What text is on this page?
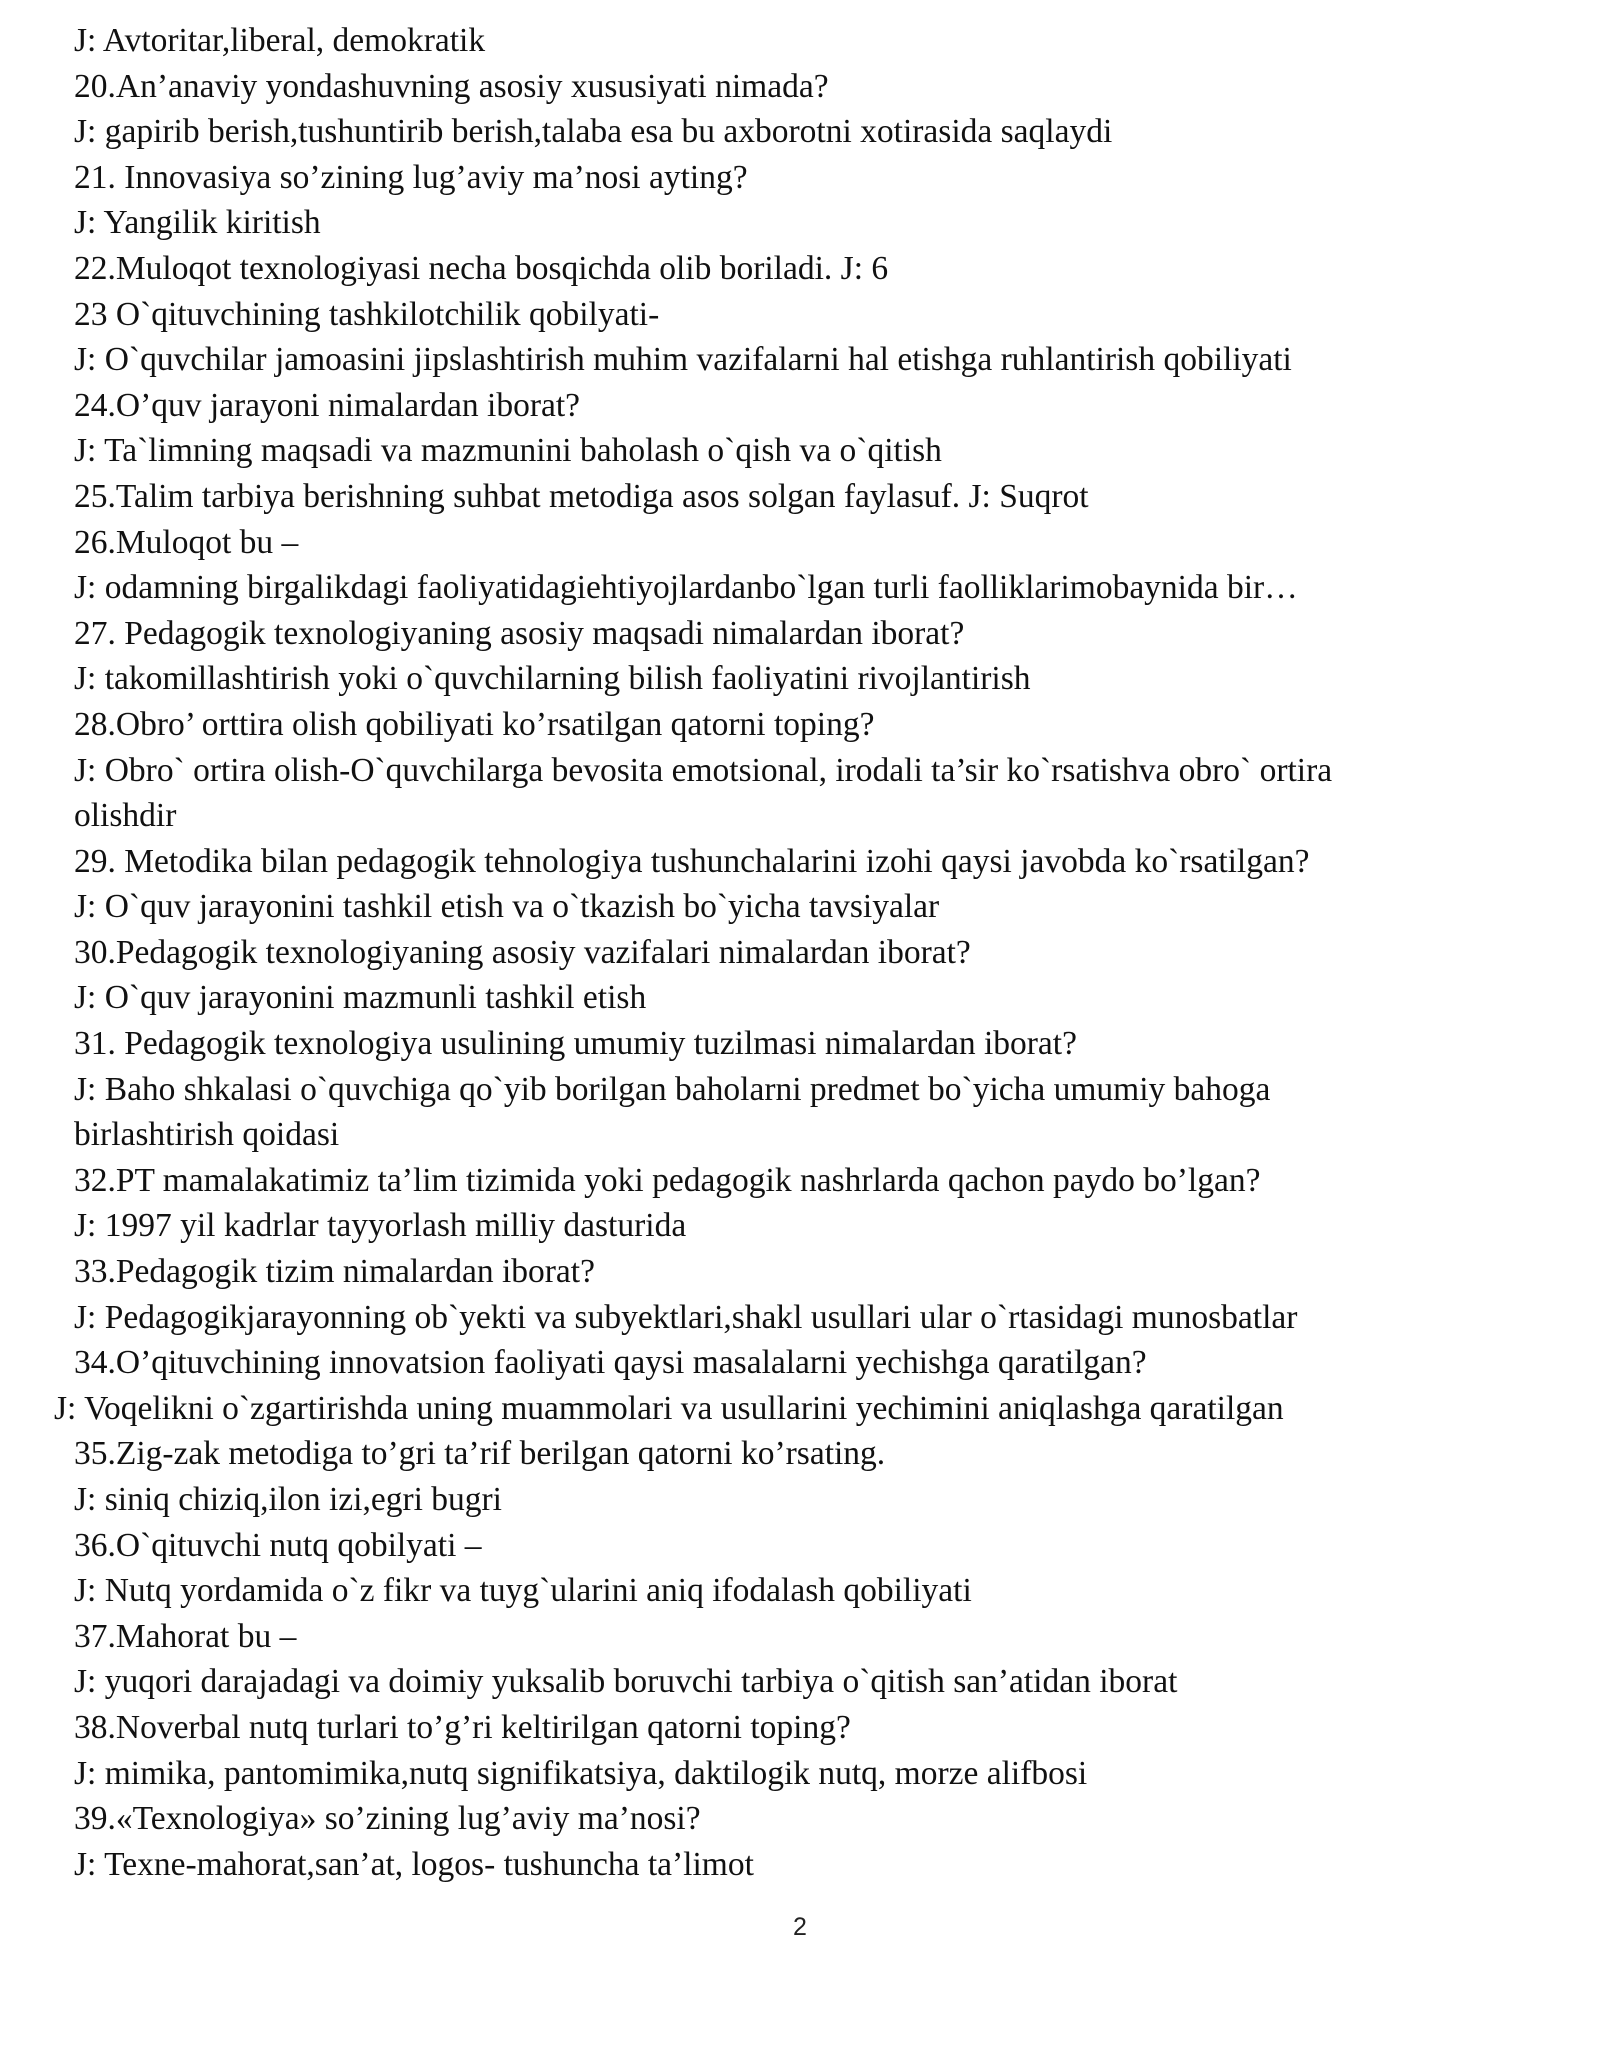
J: Avtoritar,liberal, demokratik
20.An’anaviy yondashuvning asosiy xususiyati nimada?
J: gapirib berish,tushuntirib berish,talaba esa bu axborotni xotirasida saqlaydi
21. Innovasiya so’zining lug’aviy ma’nosi ayting?
J: Yangilik kiritish
22.Muloqot texnologiyasi necha bosqichda olib boriladi. J: 6
23 O`qituvchining tashkilotchilik qobilyati-
J: O`quvchilar jamoasini jipslashtirish muhim vazifalarni hal etishga ruhlantirish qobiliyati
24.O’quv jarayoni nimalardan iborat?
J: Ta`limning maqsadi va mazmunini baholash o`qish va o`qitish
25.Talim tarbiya berishning suhbat metodiga asos solgan faylasuf. J: Suqrot
26.Muloqot bu –
J: odamning birgalikdagi faoliyatidagiehtiyojlardanbo`lgan turli faolliklarimobaynida bir…
27. Pedagogik texnologiyaning asosiy maqsadi nimalardan iborat?
J: takomillashtirish yoki o`quvchilarning bilish faoliyatini rivojlantirish
28.Obro’ orttira olish qobiliyati ko’rsatilgan qatorni toping?
J: Obro` ortira olish-O`quvchilarga bevosita emotsional, irodali ta’sir ko`rsatishva obro` ortira
olishdir
29. Metodika bilan pedagogik tehnologiya tushunchalarini izohi qaysi javobda ko`rsatilgan?
J: O`quv jarayonini tashkil etish va o`tkazish bo`yicha tavsiyalar
30.Pedagogik texnologiyaning asosiy vazifalari nimalardan iborat?
J: O`quv jarayonini mazmunli tashkil etish
31. Pedagogik texnologiya usulining umumiy tuzilmasi nimalardan iborat?
J: Baho shkalasi o`quvchiga qo`yib borilgan baholarni predmet bo`yicha umumiy bahoga
birlashtirish qoidasi
32.PT mamalakatimiz ta’lim tizimida yoki pedagogik nashrlarda qachon paydo bo’lgan?
J: 1997 yil kadrlar tayyorlash milliy dasturida
33.Pedagogik tizim nimalardan iborat?
J: Pedagogikjarayonning ob`yekti va subyektlari,shakl usullari ular o`rtasidagi munosbatlar
34.O’qituvchining innovatsion faoliyati qaysi masalalarni yechishga qaratilgan?
J: Voqelikni o`zgartirishda uning muammolari va usullarini yechimini aniqlashga qaratilgan
35.Zig-zak metodiga to’gri ta’rif berilgan qatorni ko’rsating.
J: siniq chiziq,ilon izi,egri bugri
36.O`qituvchi nutq qobilyati –
J: Nutq yordamida o`z fikr va tuyg`ularini aniq ifodalash qobiliyati
37.Mahorat bu –
J: yuqori darajadagi va doimiy yuksalib boruvchi tarbiya o`qitish san’atidan iborat
38.Noverbal nutq turlari to’g’ri keltirilgan qatorni toping?
J: mimika, pantomimika,nutq signifikatsiya, daktilogik nutq, morze alifbosi
39.«Texnologiya» so’zining lug’aviy ma’nosi?
J: Texne-mahorat,san’at, logos- tushuncha ta’limot
2
